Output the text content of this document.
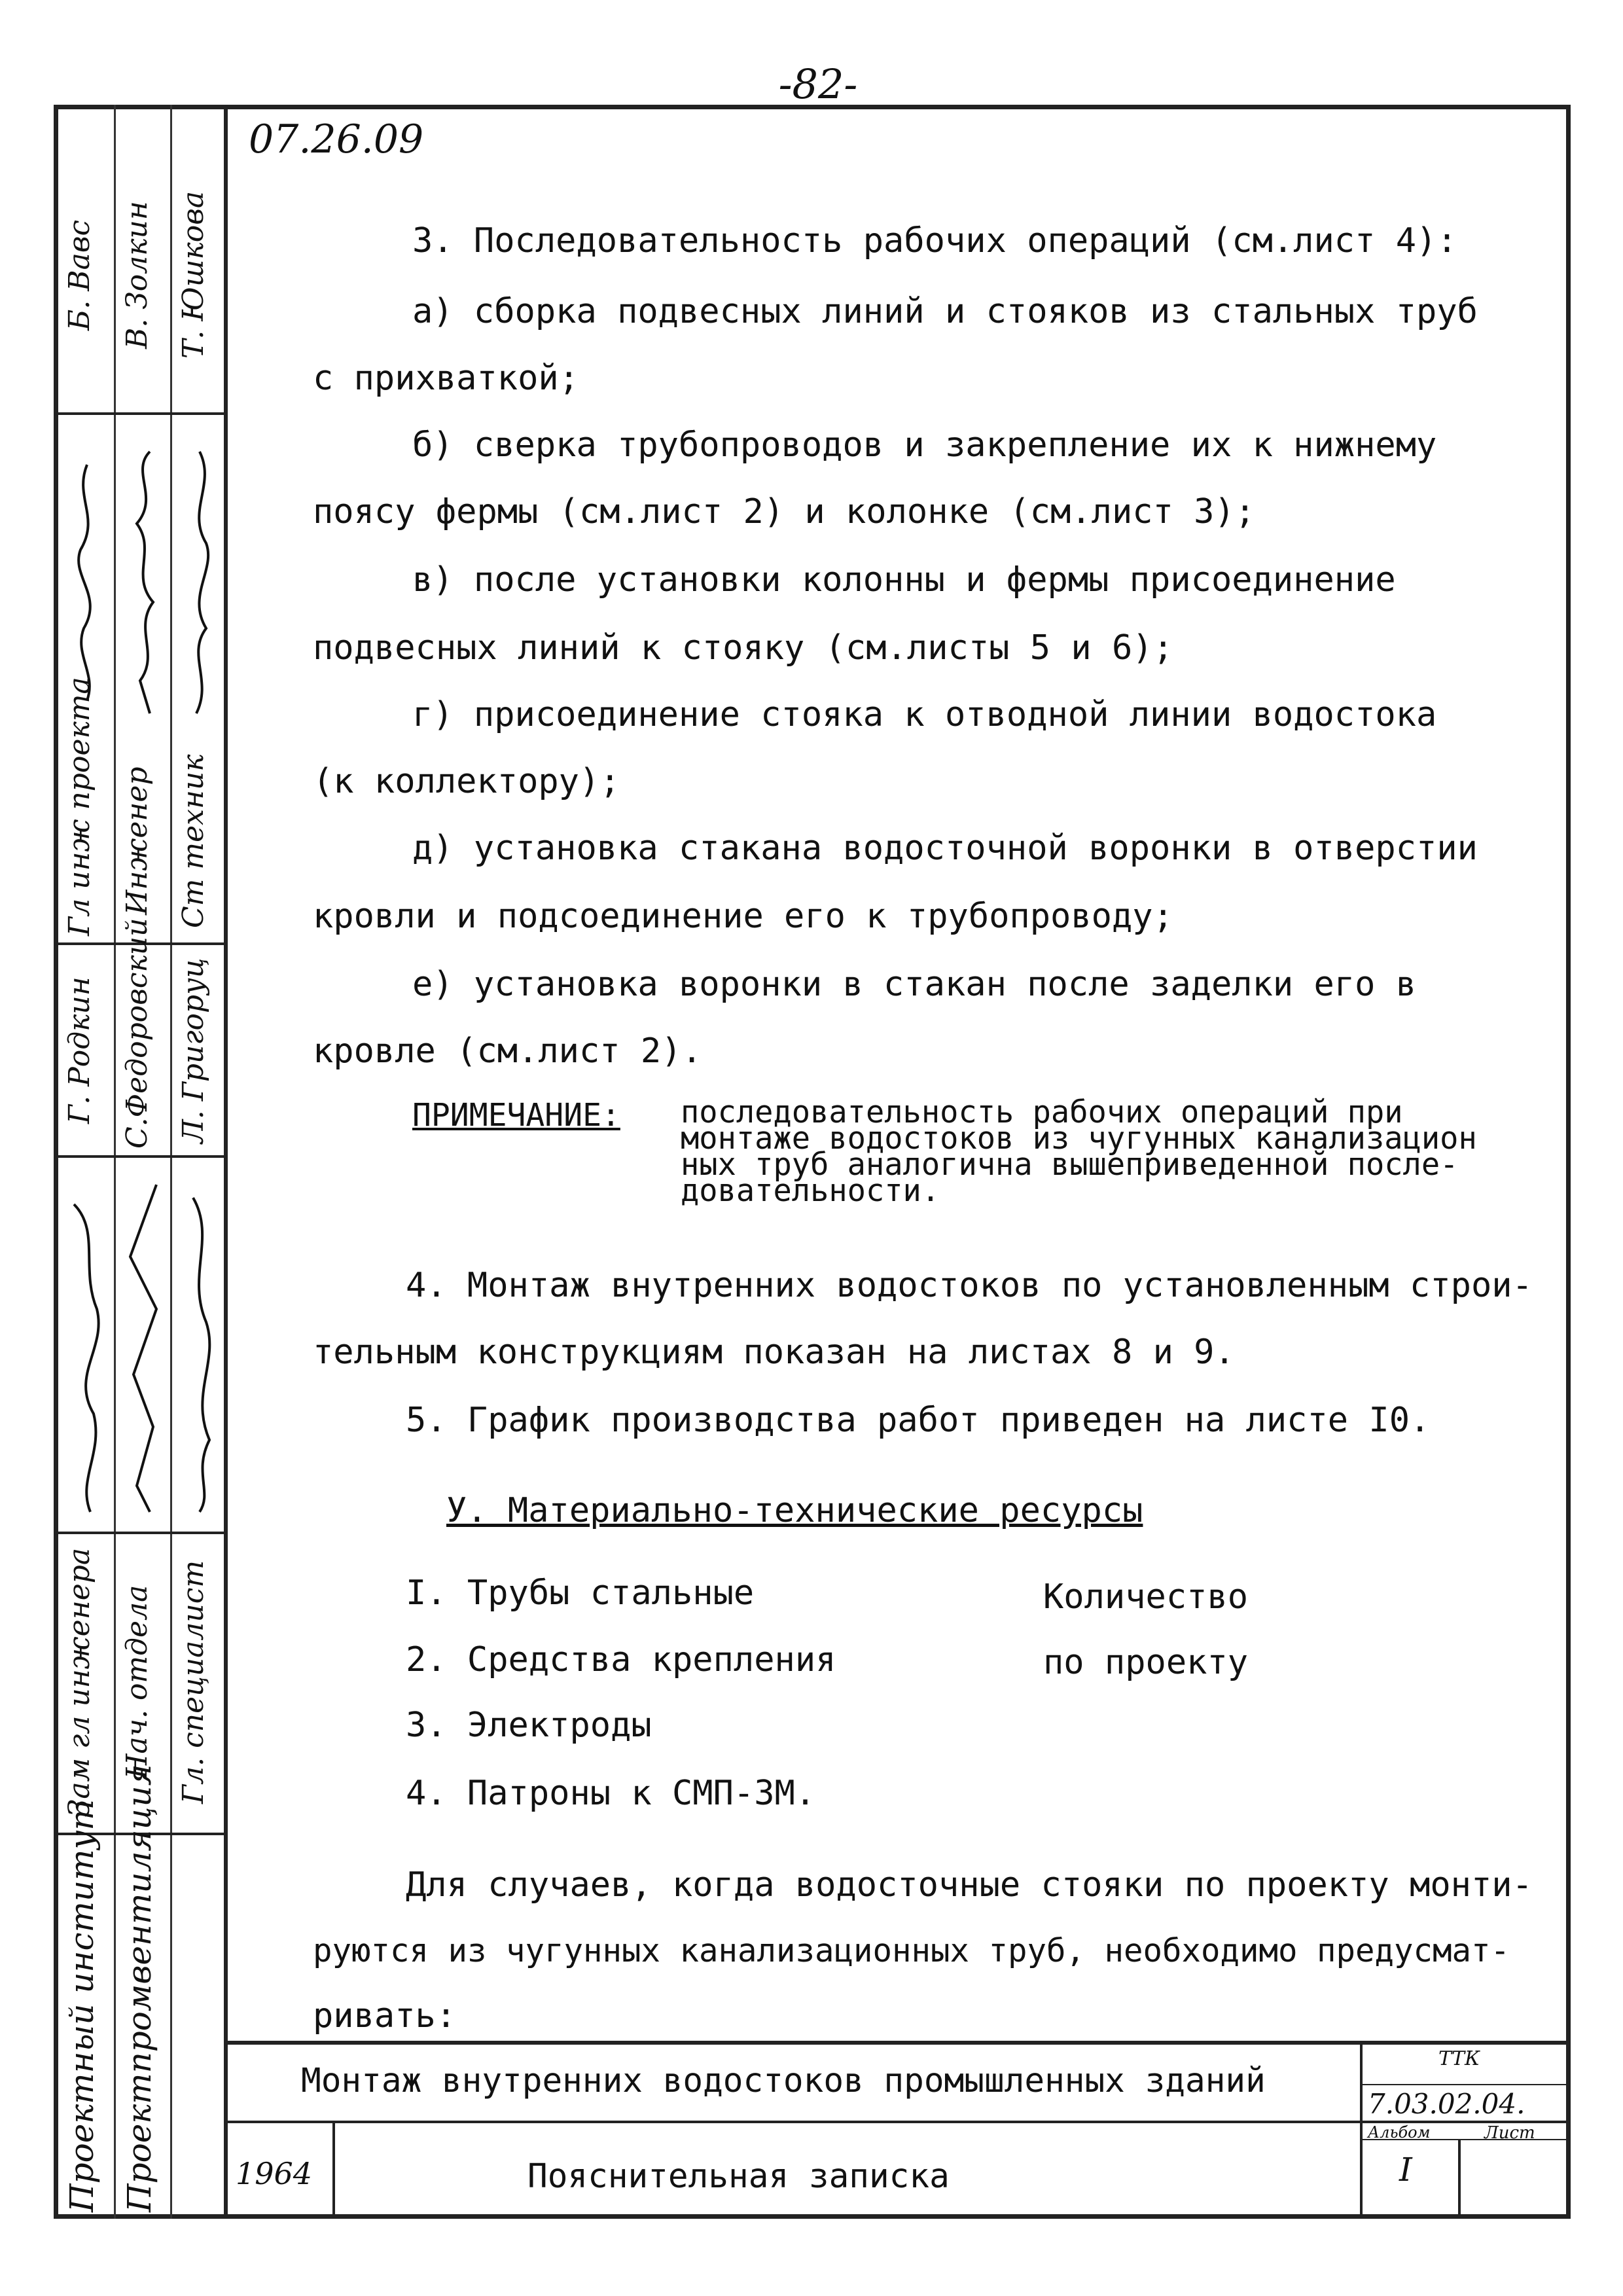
-82-
Б. Вавс В. Золкин Т. Юшкова
Гл инж проекта Инженер Ст техник
Г. Родкин С.Федоровский Л. Григоруц
Зам гл инженера Нач. отдела Гл. специалист
Проектный институт Проектпромвентиляция
07.26.09
3. Последовательность рабочих операций (см.лист 4):
а) сборка подвесных линий и стояков из стальных труб
с прихваткой;
б) сверка трубопроводов и закрепление их к нижнему
поясу фермы (см.лист 2) и колонке (см.лист 3);
в) после установки колонны и фермы присоединение
подвесных линий к стояку (см.листы 5 и 6);
г) присоединение стояка к отводной линии водостока
(к коллектору);
д) установка стакана водосточной воронки в отверстии
кровли и подсоединение его к трубопроводу;
е) установка воронки в стакан после заделки его в
кровле (см.лист 2).
ПРИМЕЧАНИЕ: последовательность рабочих операций при
монтаже водостоков из чугунных канализацион
ных труб аналогична вышеприведенной после-
довательности.
4. Монтаж внутренних водостоков по установленным строи-
тельным конструкциям показан на листах 8 и 9.
5. График производства работ приведен на листе I0.
У. Материально-технические ресурсы
I. Трубы стальные
2. Средства крепления
3. Электроды
4. Патроны к СМП-3М.
Количество
по проекту
Для случаев, когда водосточные стояки по проекту монти-
руются из чугунных канализационных труб, необходимо предусмат-
ривать:
Монтаж внутренних водостоков промышленных зданий
ТТК
7.03.02.04.
1964	Пояснительная записка
Альбом
I
Лист
